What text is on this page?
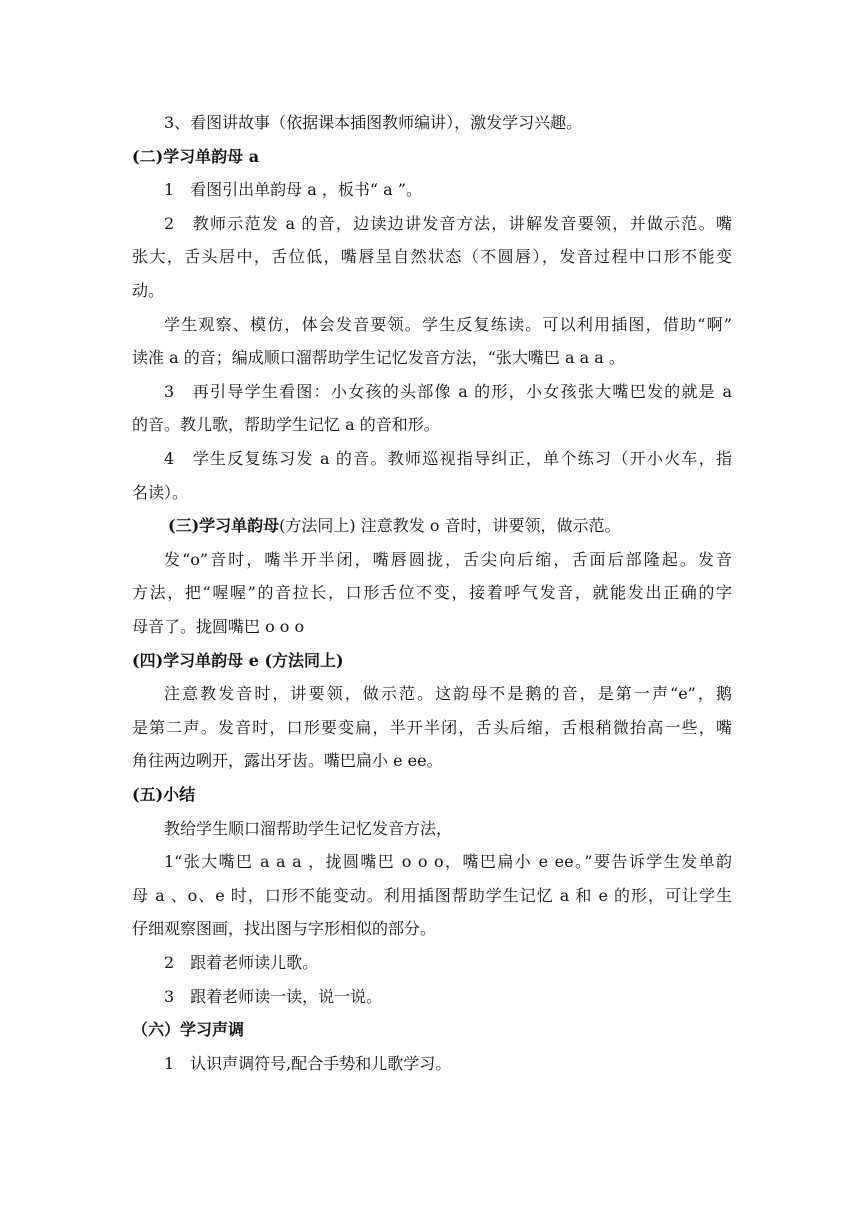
3、看图讲故事（依据课本插图教师编讲），激发学习兴趣。

(二)学习单韵母 a

1　看图引出单韵母 a ，板书“ a ”。

2　教师示范发 a 的音，边读边讲发音方法，讲解发音要领，并做示范。嘴

张大，舌头居中，舌位低，嘴唇呈自然状态（不圆唇），发音过程中口形不能变

动。

学生观察、模仿，体会发音要领。学生反复练读。可以利用插图，借助“啊”

读准 a 的音；编成顺口溜帮助学生记忆发音方法，“张大嘴巴 a a a 。

3　再引导学生看图：小女孩的头部像 a 的形，小女孩张大嘴巴发的就是 a

的音。教儿歌，帮助学生记忆 a 的音和形。

4　学生反复练习发 a 的音。教师巡视指导纠正，单个练习（开小火车，指

名读）。

(三)学习单韵母(方法同上) 注意教发 o 音时，讲要领，做示范。

发“o”音时，嘴半开半闭，嘴唇圆拢，舌尖向后缩，舌面后部隆起。发音

方法，把“喔喔”的音拉长，口形舌位不变，接着呼气发音，就能发出正确的字

母音了。拢圆嘴巴 o o o

(四)学习单韵母 e (方法同上)

注意教发音时，讲要领，做示范。这韵母不是鹅的音，是第一声“e”，鹅

是第二声。发音时，口形要变扁，半开半闭，舌头后缩，舌根稍微抬高一些，嘴

角往两边咧开，露出牙齿。嘴巴扁小 e ee。

(五)小结

教给学生顺口溜帮助学生记忆发音方法，

1“张大嘴巴 a a a ，拢圆嘴巴 o o o，嘴巴扁小 e ee。”要告诉学生发单韵

母 a 、o、e 时，口形不能变动。利用插图帮助学生记忆 a 和 e 的形，可让学生

仔细观察图画，找出图与字形相似的部分。

2　跟着老师读儿歌。

3　跟着老师读一读，说一说。

（六）学习声调

1　认识声调符号,配合手势和儿歌学习。
